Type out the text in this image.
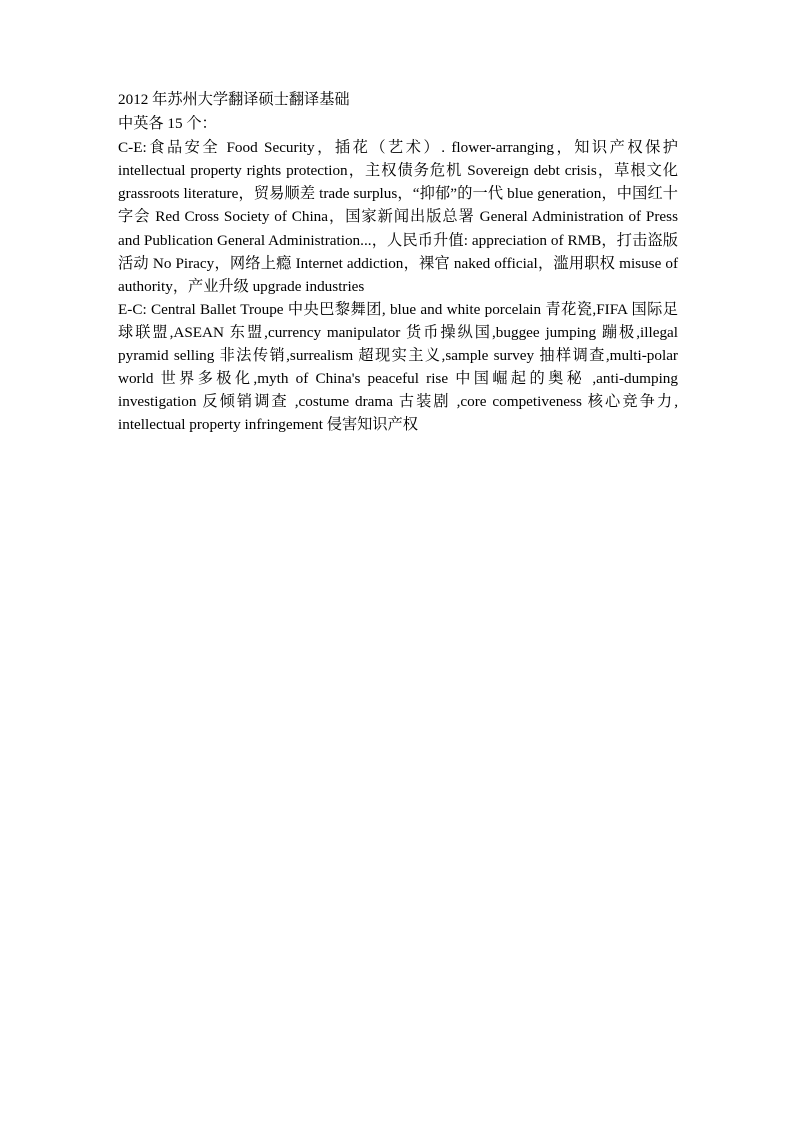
2012 年苏州大学翻译硕士翻译基础

中英各 15 个：

C-E:食品安全 Food Security，插花（艺术）. flower-arranging，知识产权保护 intellectual property rights protection，主权债务危机 Sovereign debt crisis，草根文化 grassroots literature，贸易顺差 trade surplus，“抑郁”的一代 blue generation，中国红十字会 Red Cross Society of China，国家新闻出版总署 General Administration of Press and Publication General Administration...，人民币升值: appreciation of RMB，打击盗版活动 No Piracy，网络上瘾 Internet addiction，裸官 naked official，滥用职权 misuse of authority，产业升级 upgrade industries

E-C: Central Ballet Troupe 中央巴黎舞团, blue and white porcelain 青花瓷,FIFA 国际足球联盟,ASEAN 东盟,currency manipulator 货币操纵国,buggee jumping 蹦极,illegal pyramid selling 非法传销,surrealism 超现实主义,sample survey 抽样调查,multi-polar world 世界多极化,myth of China's peaceful rise 中国崛起的奥秘 ,anti-dumping investigation 反倾销调查 ,costume drama 古装剧 ,core competiveness 核心竞争力, intellectual property infringement 侵害知识产权
